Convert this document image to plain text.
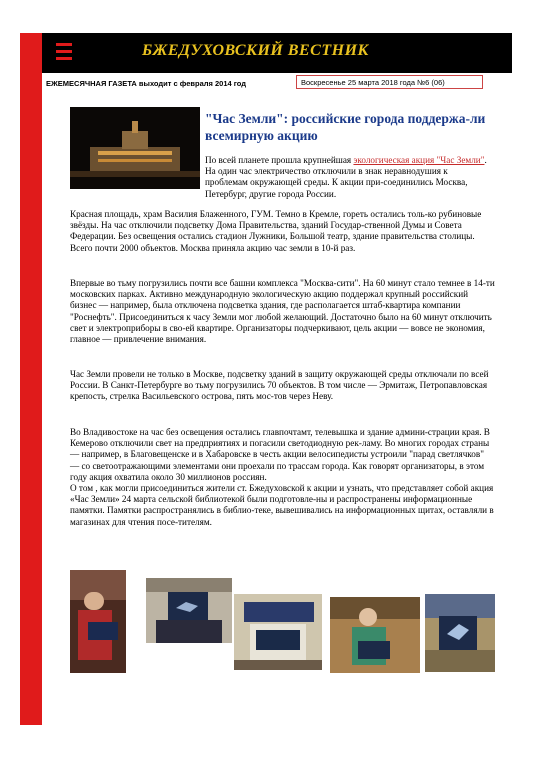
БЖЕДУХОВСКИЙ ВЕСТНИК
ЕЖЕМЕСЯЧНАЯ ГАЗЕТА выходит с февраля 2014 год	Воскресенье 25 марта 2018 года №6 (06)
"Час Земли": российские города поддержа-ли всемирную акцию

По всей планете прошла крупнейшая экологическая акция "Час Земли". На один час электричество отключили в знак неравнодушия к проблемам окружающей среды. К акции при-соединились Москва, Петербург, другие города России.

Красная площадь, храм Василия Блаженного, ГУМ. Темно в Кремле, гореть остались толь-ко рубиновые звёзды. На час отключили подсветку Дома Правительства, зданий Государ-ственной Думы и Совета Федерации. Без освещения остались стадион Лужники, Большой театр, здание правительства столицы. Всего почти 2000 объектов. Москва приняла акцию час земли в 10-й раз.

Впервые во тьму погрузились почти все башни комплекса "Москва-сити". На 60 минут стало темнее в 14-ти московских парках. Активно международную экологическую акцию поддержал крупный российский бизнес — например, была отключена подсветка здания, где располагается штаб-квартира компании "Роснефть". Присоединиться к часу Земли мог любой желающий. Достаточно было на 60 минут отключить свет и электроприборы в сво-ей квартире. Организаторы подчеркивают, цель акции — вовсе не экономия, главное — привлечение внимания.

Час Земли провели не только в Москве, подсветку зданий в защиту окружающей среды отключали по всей России. В Санкт-Петербурге во тьму погрузились 70 объектов. В том числе — Эрмитаж, Петропавловская крепость, стрелка Васильевского острова, пять мос-тов через Неву.

Во Владивостоке на час без освещения остались главпочтамт, телевышка и здание админи-страции края. В Кемерово отключили свет на предприятиях и погасили светодиодную рек-ламу. Во многих городах страны — например, в Благовещенске и в Хабаровске в честь акции велосипедисты устроили "парад светлячков" — со светоотражающими элементами они проехали по трассам города. Как говорят организаторы, в этом году акция охватила около 30 миллионов россиян.
О том , как могли присоединиться жители ст. Бжедуховской к акции и узнать, что представляет собой акция «Час Земли» 24 марта сельской библиотекой были подготовле-ны и распространены информационные памятки. Памятки распространялись в библио-теке, вывешивались на информационных щитах, оставляли в магазинах для чтения посе-тителям.
